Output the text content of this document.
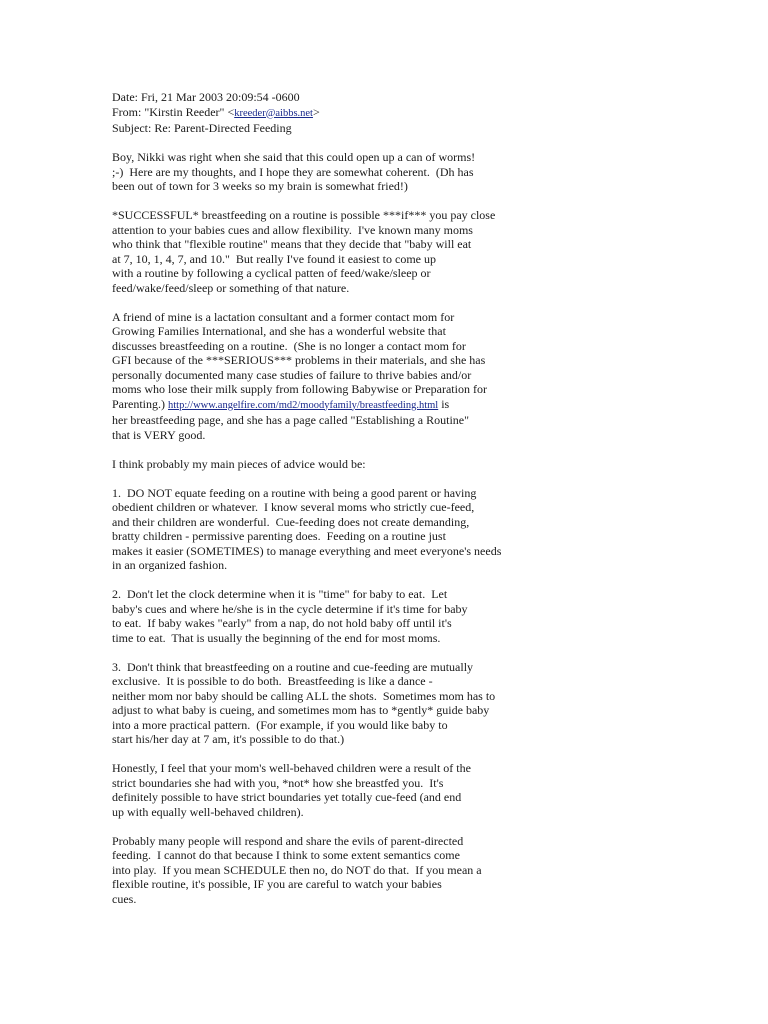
Date: Fri, 21 Mar 2003 20:09:54 -0600
From: "Kirstin Reeder" <kreeder@aibbs.net>
Subject: Re: Parent-Directed Feeding
Boy, Nikki was right when she said that this could open up a can of worms!
;-)  Here are my thoughts, and I hope they are somewhat coherent.  (Dh has
been out of town for 3 weeks so my brain is somewhat fried!)
*SUCCESSFUL* breastfeeding on a routine is possible ***if*** you pay close
attention to your babies cues and allow flexibility.  I've known many moms
who think that "flexible routine" means that they decide that "baby will eat
at 7, 10, 1, 4, 7, and 10."  But really I've found it easiest to come up
with a routine by following a cyclical patten of feed/wake/sleep or
feed/wake/feed/sleep or something of that nature.
A friend of mine is a lactation consultant and a former contact mom for
Growing Families International, and she has a wonderful website that
discusses breastfeeding on a routine.  (She is no longer a contact mom for
GFI because of the ***SERIOUS*** problems in their materials, and she has
personally documented many case studies of failure to thrive babies and/or
moms who lose their milk supply from following Babywise or Preparation for
Parenting.) http://www.angelfire.com/md2/moodyfamily/breastfeeding.html is
her breastfeeding page, and she has a page called "Establishing a Routine"
that is VERY good.
I think probably my main pieces of advice would be:
1.  DO NOT equate feeding on a routine with being a good parent or having
obedient children or whatever.  I know several moms who strictly cue-feed,
and their children are wonderful.  Cue-feeding does not create demanding,
bratty children - permissive parenting does.  Feeding on a routine just
makes it easier (SOMETIMES) to manage everything and meet everyone's needs
in an organized fashion.
2.  Don't let the clock determine when it is "time" for baby to eat.  Let
baby's cues and where he/she is in the cycle determine if it's time for baby
to eat.  If baby wakes "early" from a nap, do not hold baby off until it's
time to eat.  That is usually the beginning of the end for most moms.
3.  Don't think that breastfeeding on a routine and cue-feeding are mutually
exclusive.  It is possible to do both.  Breastfeeding is like a dance -
neither mom nor baby should be calling ALL the shots.  Sometimes mom has to
adjust to what baby is cueing, and sometimes mom has to *gently* guide baby
into a more practical pattern.  (For example, if you would like baby to
start his/her day at 7 am, it's possible to do that.)
Honestly, I feel that your mom's well-behaved children were a result of the
strict boundaries she had with you, *not* how she breastfed you.  It's
definitely possible to have strict boundaries yet totally cue-feed (and end
up with equally well-behaved children).
Probably many people will respond and share the evils of parent-directed
feeding.  I cannot do that because I think to some extent semantics come
into play.  If you mean SCHEDULE then no, do NOT do that.  If you mean a
flexible routine, it's possible, IF you are careful to watch your babies
cues.
